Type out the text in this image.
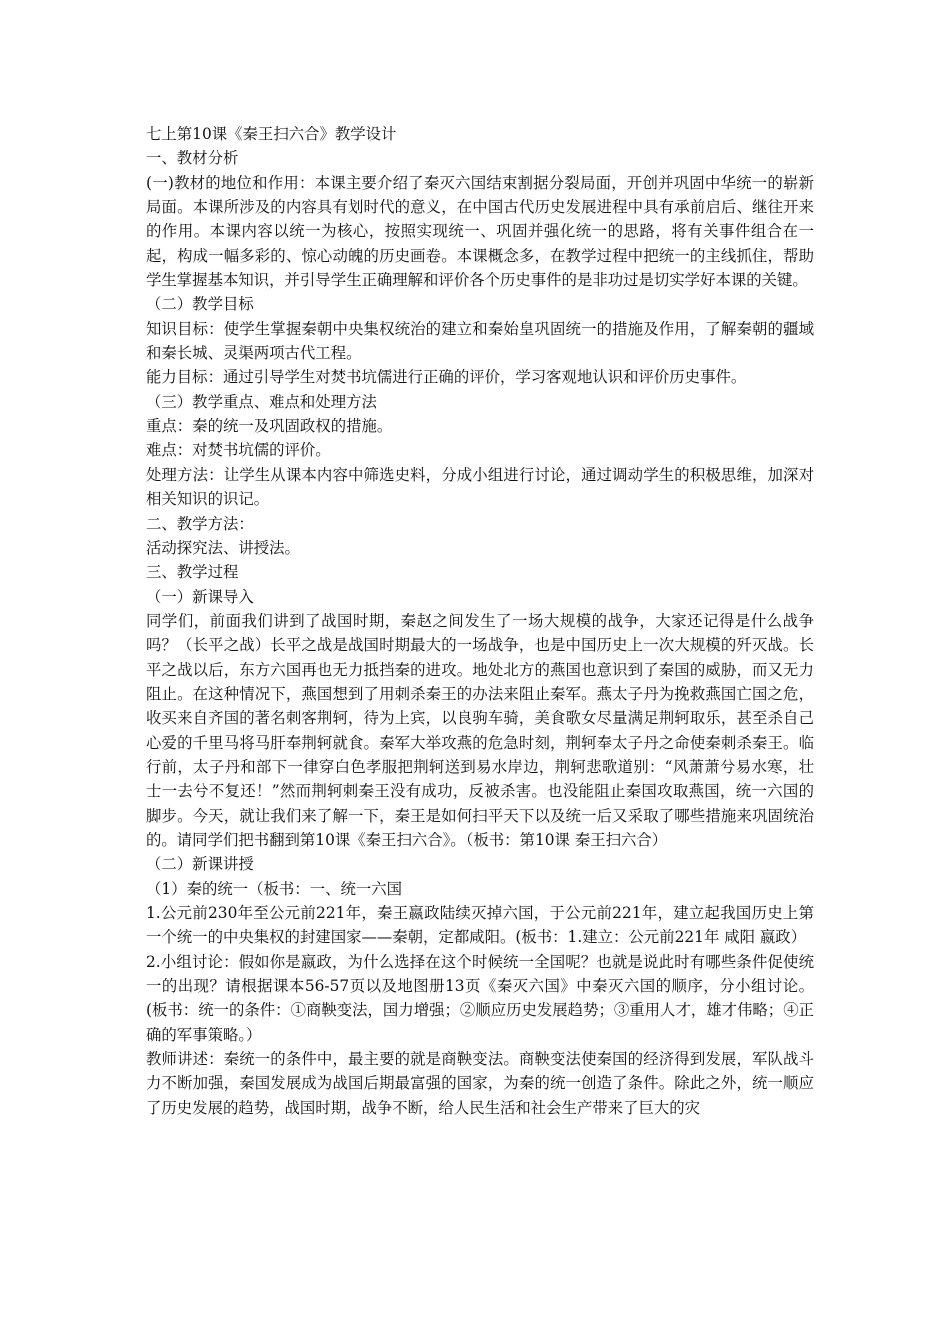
七上第10课《秦王扫六合》教学设计

一、教材分析

(一)教材的地位和作用：本课主要介绍了秦灭六国结束割据分裂局面，开创并巩固中华统一的崭新局面。本课所涉及的内容具有划时代的意义，在中国古代历史发展进程中具有承前启后、继往开来的作用。本课内容以统一为核心，按照实现统一、巩固并强化统一的思路，将有关事件组合在一起，构成一幅多彩的、惊心动魄的历史画卷。本课概念多，在教学过程中把统一的主线抓住，帮助学生掌握基本知识，并引导学生正确理解和评价各个历史事件的是非功过是切实学好本课的关键。

（二）教学目标

知识目标：使学生掌握秦朝中央集权统治的建立和秦始皇巩固统一的措施及作用，了解秦朝的疆域和秦长城、灵渠两项古代工程。

能力目标：通过引导学生对焚书坑儒进行正确的评价，学习客观地认识和评价历史事件。

（三）教学重点、难点和处理方法

重点：秦的统一及巩固政权的措施。

难点：对焚书坑儒的评价。

处理方法：让学生从课本内容中筛选史料，分成小组进行讨论，通过调动学生的积极思维，加深对相关知识的识记。

二、教学方法：

活动探究法、讲授法。

三、教学过程

（一）新课导入

同学们，前面我们讲到了战国时期，秦赵之间发生了一场大规模的战争，大家还记得是什么战争吗？（长平之战）长平之战是战国时期最大的一场战争，也是中国历史上一次大规模的歼灭战。长平之战以后，东方六国再也无力抵挡秦的进攻。地处北方的燕国也意识到了秦国的威胁，而又无力阻止。在这种情况下，燕国想到了用刺杀秦王的办法来阻止秦军。燕太子丹为挽救燕国亡国之危，收买来自齐国的著名刺客荆轲，待为上宾，以良驹车骑，美食歌女尽量满足荆轲取乐，甚至杀自己心爱的千里马将马肝奉荆轲就食。秦军大举攻燕的危急时刻，荆轲奉太子丹之命使秦刺杀秦王。临行前，太子丹和部下一律穿白色孝服把荆轲送到易水岸边，荆轲悲歌道别：“风萧萧兮易水寒，壮士一去兮不复还！”然而荆轲刺秦王没有成功，反被杀害。也没能阻止秦国攻取燕国，统一六国的脚步。今天，就让我们来了解一下，秦王是如何扫平天下以及统一后又采取了哪些措施来巩固统治的。请同学们把书翻到第10课《秦王扫六合》。（板书：第10课 秦王扫六合）

（二）新课讲授

（1）秦的统一（板书：一、统一六国

1.公元前230年至公元前221年，秦王嬴政陆续灭掉六国，于公元前221年，建立起我国历史上第一个统一的中央集权的封建国家——秦朝，定都咸阳。(板书：1.建立：公元前221年 咸阳 嬴政）

2.小组讨论：假如你是嬴政，为什么选择在这个时候统一全国呢？也就是说此时有哪些条件促使统一的出现？请根据课本56-57页以及地图册13页《秦灭六国》中秦灭六国的顺序，分小组讨论。(板书：统一的条件：①商鞅变法，国力增强；②顺应历史发展趋势；③重用人才，雄才伟略；④正确的军事策略。）

教师讲述：秦统一的条件中，最主要的就是商鞅变法。商鞅变法使秦国的经济得到发展，军队战斗力不断加强，秦国发展成为战国后期最富强的国家，为秦的统一创造了条件。除此之外，统一顺应了历史发展的趋势，战国时期，战争不断，给人民生活和社会生产带来了巨大的灾
